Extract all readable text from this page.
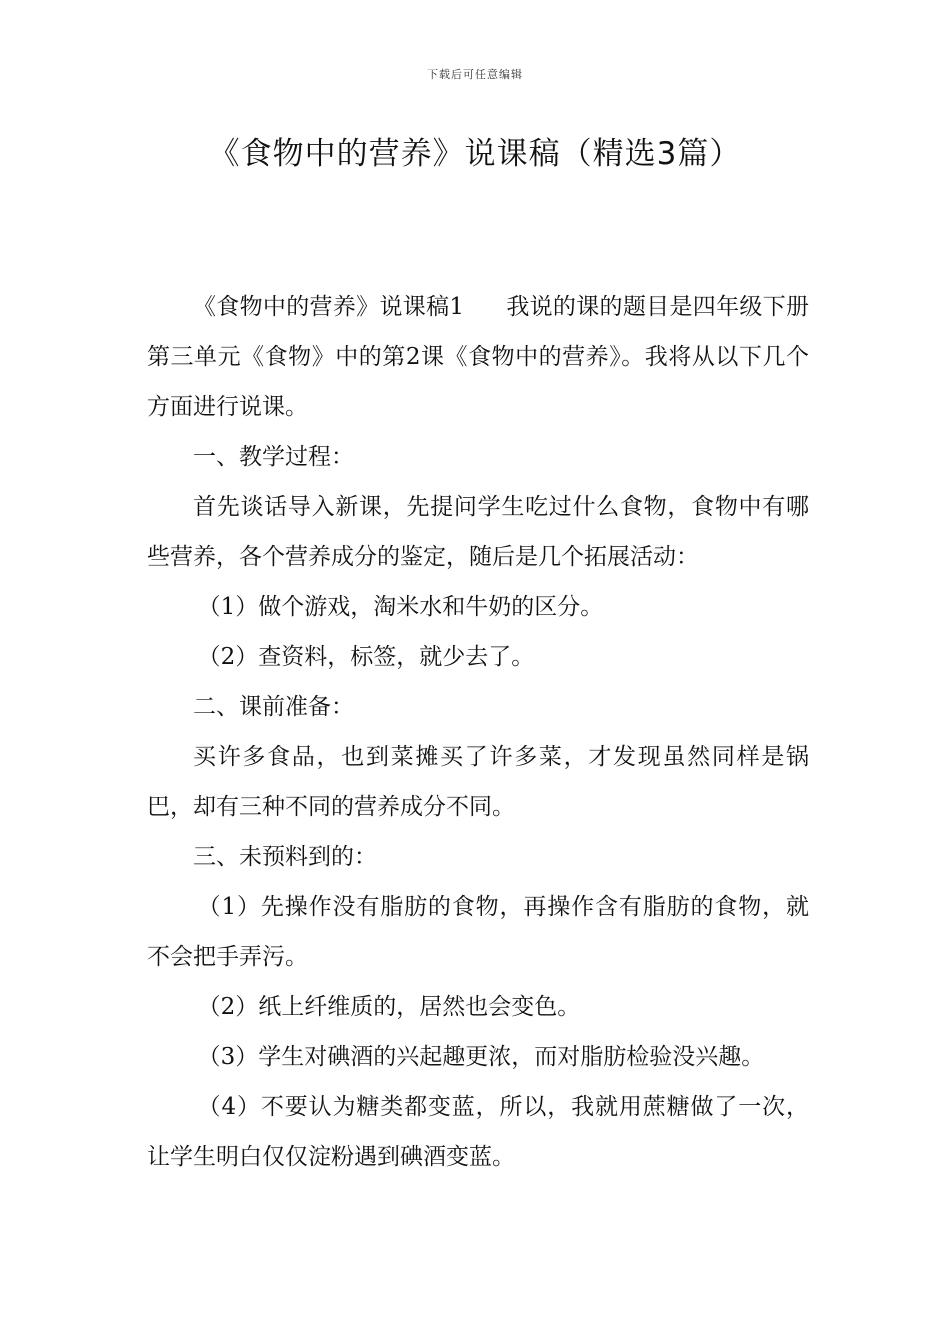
下载后可任意编辑
《食物中的营养》说课稿（精选3篇）

《食物中的营养》说课稿1 我说的课的题目是四年级下册第三单元《食物》中的第2课《食物中的营养》。我将从以下几个方面进行说课。

一、教学过程：

首先谈话导入新课，先提问学生吃过什么食物，食物中有哪些营养，各个营养成分的鉴定，随后是几个拓展活动：

（1）做个游戏，淘米水和牛奶的区分。

（2）查资料，标签，就少去了。

二、课前准备：

买许多食品，也到菜摊买了许多菜，才发现虽然同样是锅巴，却有三种不同的营养成分不同。

三、未预料到的：

（1）先操作没有脂肪的食物，再操作含有脂肪的食物，就不会把手弄污。

（2）纸上纤维质的，居然也会变色。

（3）学生对碘酒的兴起趣更浓，而对脂肪检验没兴趣。

（4）不要认为糖类都变蓝，所以，我就用蔗糖做了一次，让学生明白仅仅淀粉遇到碘酒变蓝。
